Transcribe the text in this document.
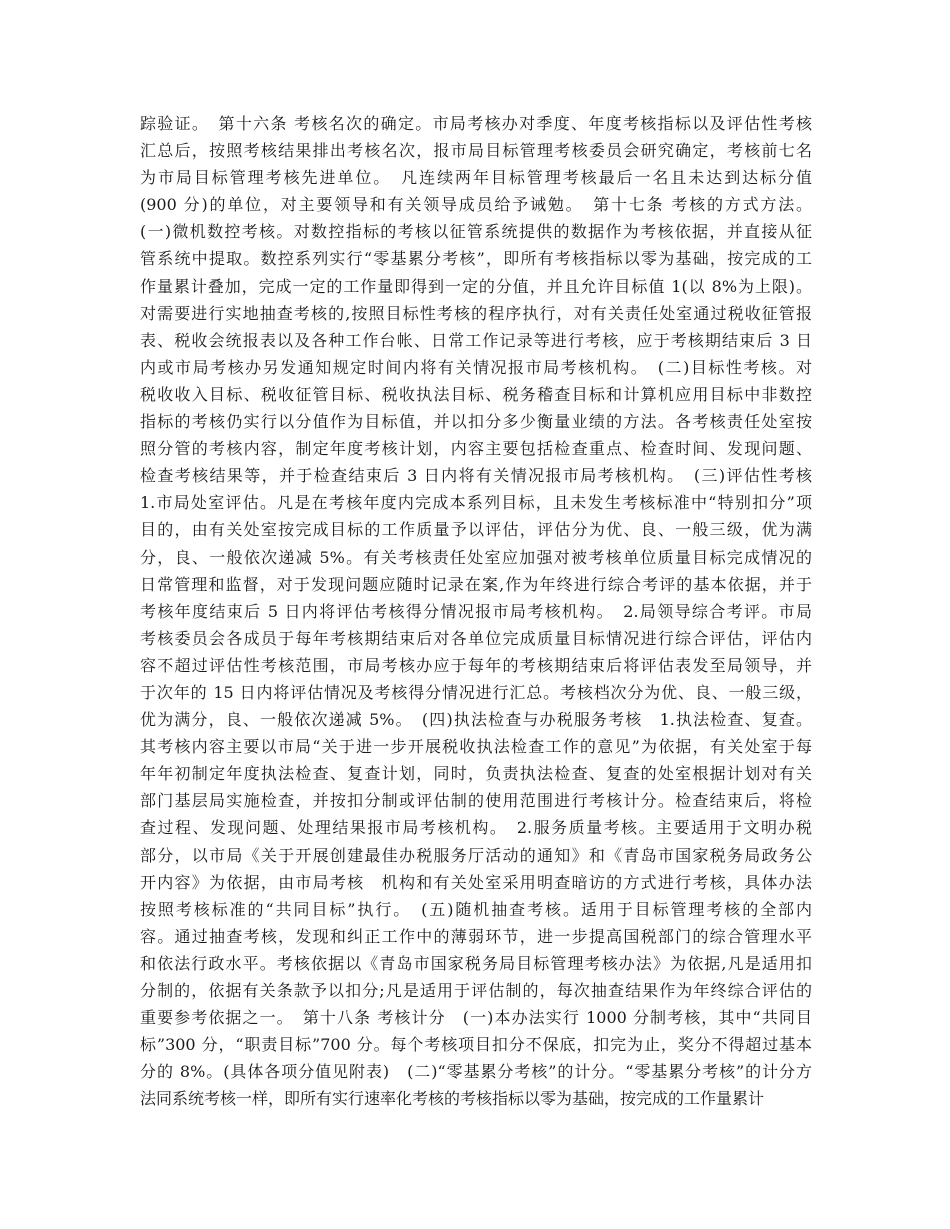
踪验证。　第十六条 考核名次的确定。市局考核办对季度、年度考核指标以及评估性考核
汇总后，按照考核结果排出考核名次，报市局目标管理考核委员会研究确定，考核前七名
为市局目标管理考核先进单位。　凡连续两年目标管理考核最后一名且未达到达标分值
(900 分)的单位，对主要领导和有关领导成员给予诫勉。　第十七条 考核的方式方法。
(一)微机数控考核。对数控指标的考核以征管系统提供的数据作为考核依据，并直接从征
管系统中提取。数控系列实行“零基累分考核”，即所有考核指标以零为基础，按完成的工
作量累计叠加，完成一定的工作量即得到一定的分值，并且允许目标值 1(以 8%为上限)。
对需要进行实地抽查考核的,按照目标性考核的程序执行，对有关责任处室通过税收征管报
表、税收会统报表以及各种工作台帐、日常工作记录等进行考核，应于考核期结束后 3 日
内或市局考核办另发通知规定时间内将有关情况报市局考核机构。　(二)目标性考核。对
税收收入目标、税收征管目标、税收执法目标、税务稽查目标和计算机应用目标中非数控
指标的考核仍实行以分值作为目标值，并以扣分多少衡量业绩的方法。各考核责任处室按
照分管的考核内容，制定年度考核计划，内容主要包括检查重点、检查时间、发现问题、
检查考核结果等，并于检查结束后 3 日内将有关情况报市局考核机构。　(三)评估性考核
1.市局处室评估。凡是在考核年度内完成本系列目标，且未发生考核标准中“特别扣分”项
目的，由有关处室按完成目标的工作质量予以评估，评估分为优、良、一般三级，优为满
分，良、一般依次递减 5%。有关考核责任处室应加强对被考核单位质量目标完成情况的
日常管理和监督，对于发现问题应随时记录在案,作为年终进行综合考评的基本依据，并于
考核年度结束后 5 日内将评估考核得分情况报市局考核机构。　2.局领导综合考评。市局
考核委员会各成员于每年考核期结束后对各单位完成质量目标情况进行综合评估，评估内
容不超过评估性考核范围，市局考核办应于每年的考核期结束后将评估表发至局领导，并
于次年的 15 日内将评估情况及考核得分情况进行汇总。考核档次分为优、良、一般三级，
优为满分，良、一般依次递减 5%。　(四)执法检查与办税服务考核　1.执法检查、复查。
其考核内容主要以市局“关于进一步开展税收执法检查工作的意见”为依据，有关处室于每
年年初制定年度执法检查、复查计划，同时，负责执法检查、复查的处室根据计划对有关
部门基层局实施检查，并按扣分制或评估制的使用范围进行考核计分。检查结束后，将检
查过程、发现问题、处理结果报市局考核机构。　2.服务质量考核。主要适用于文明办税
部分，以市局《关于开展创建最佳办税服务厅活动的通知》和《青岛市国家税务局政务公
开内容》为依据，由市局考核　机构和有关处室采用明查暗访的方式进行考核，具体办法
按照考核标准的“共同目标”执行。　(五)随机抽查考核。适用于目标管理考核的全部内
容。通过抽查考核，发现和纠正工作中的薄弱环节，进一步提高国税部门的综合管理水平
和依法行政水平。考核依据以《青岛市国家税务局目标管理考核办法》为依据,凡是适用扣
分制的，依据有关条款予以扣分;凡是适用于评估制的，每次抽查结果作为年终综合评估的
重要参考依据之一。　第十八条 考核计分　(一)本办法实行 1000 分制考核，其中“共同目
标”300 分，“职责目标”700 分。每个考核项目扣分不保底，扣完为止，奖分不得超过基本
分的 8%。(具体各项分值见附表)　(二)“零基累分考核”的计分。“零基累分考核”的计分方
法同系统考核一样，即所有实行速率化考核的考核指标以零为基础，按完成的工作量累计
